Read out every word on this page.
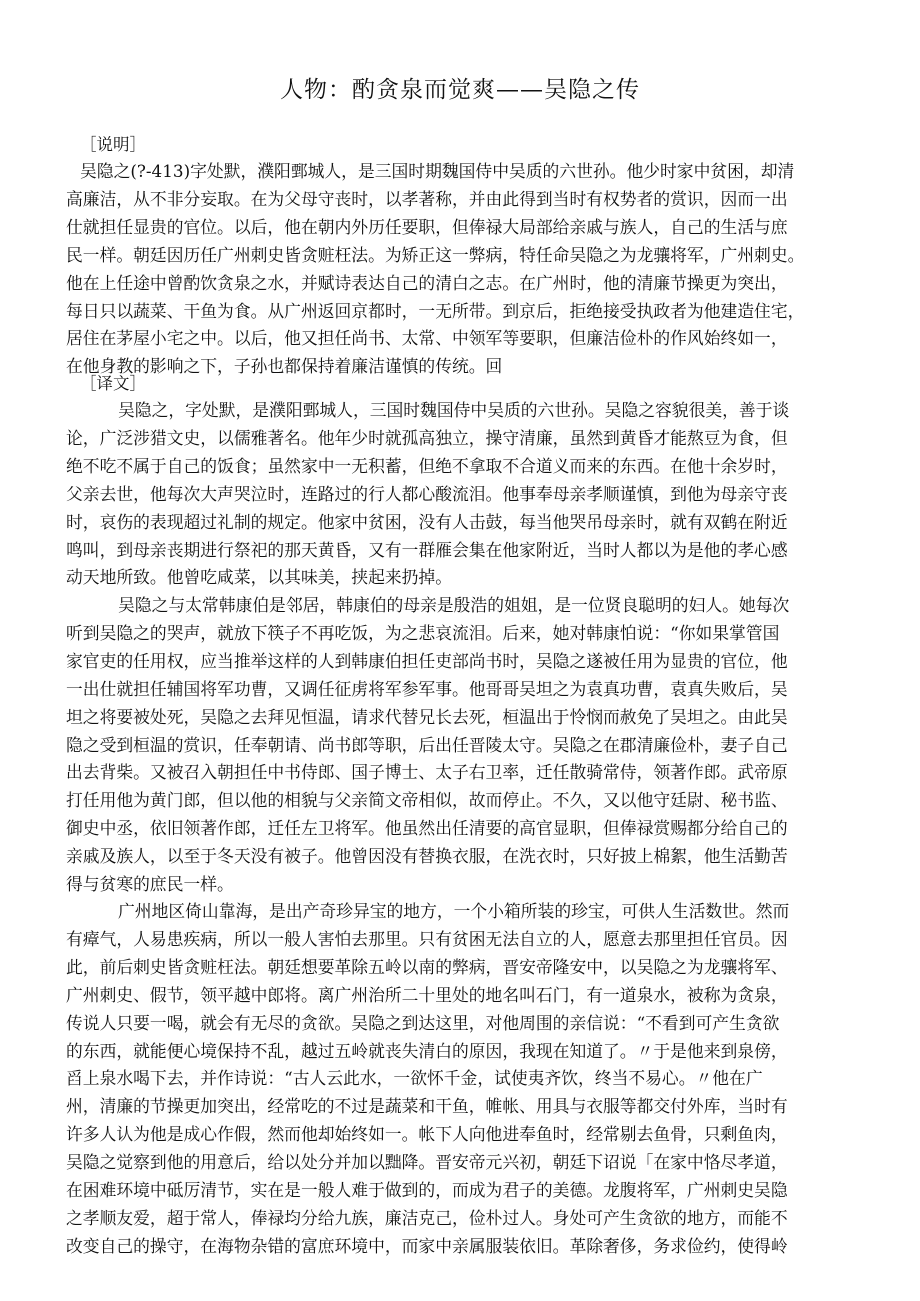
人物：酌贪泉而觉爽——吴隐之传
［说明］
吴隐之(?-413)字处默，濮阳鄄城人，是三国时期魏国侍中吴质的六世孙。他少时家中贫困，却清
高廉洁，从不非分妄取。在为父母守丧时，以孝著称，并由此得到当时有权势者的赏识，因而一出
仕就担任显贵的官位。以后，他在朝内外历任要职，但俸禄大局部给亲戚与族人，自己的生活与庶
民一样。朝廷因历任广州刺史皆贪赃枉法。为矫正这一弊病，特任命吴隐之为龙骧将军，广州刺史。
他在上任途中曾酌饮贪泉之水，并赋诗表达自己的清白之志。在广州时，他的清廉节操更为突出，
每日只以蔬菜、干鱼为食。从广州返回京都时，一无所带。到京后，拒绝接受执政者为他建造住宅，
居住在茅屋小宅之中。以后，他又担任尚书、太常、中领军等要职，但廉洁俭朴的作风始终如一，
在他身教的影响之下，子孙也都保持着廉洁谨慎的传统。回
［译文］
吴隐之，字处默，是濮阳鄄城人，三国时魏国侍中吴质的六世孙。吴隐之容貌很美，善于谈
论，广泛涉猎文史，以儒雅著名。他年少时就孤高独立，操守清廉，虽然到黄昏才能熬豆为食，但
绝不吃不属于自己的饭食；虽然家中一无积蓄，但绝不拿取不合道义而来的东西。在他十余岁时，
父亲去世，他每次大声哭泣时，连路过的行人都心酸流泪。他事奉母亲孝顺谨慎，到他为母亲守丧
时，哀伤的表现超过礼制的规定。他家中贫困，没有人击鼓，每当他哭吊母亲时，就有双鹤在附近
鸣叫，到母亲丧期进行祭祀的那天黄昏，又有一群雁会集在他家附近，当时人都以为是他的孝心感
动天地所致。他曾吃咸菜，以其味美，挟起来扔掉。
吴隐之与太常韩康伯是邻居，韩康伯的母亲是殷浩的姐姐，是一位贤良聪明的妇人。她每次
听到吴隐之的哭声，就放下筷子不再吃饭，为之悲哀流泪。后来，她对韩康怕说：“你如果掌管国
家官吏的任用权，应当推举这样的人到韩康伯担任吏部尚书时，吴隐之遂被任用为显贵的官位，他
一出仕就担任辅国将军功曹，又调任征虏将军参军事。他哥哥吴坦之为袁真功曹，袁真失败后，吴
坦之将要被处死，吴隐之去拜见恒温，请求代替兄长去死，桓温出于怜悯而赦免了吴坦之。由此吴
隐之受到桓温的赏识，任奉朝请、尚书郎等职，后出任晋陵太守。吴隐之在郡清廉俭朴，妻子自己
出去背柴。又被召入朝担任中书侍郎、国子博士、太子右卫率，迁任散骑常侍，领著作郎。武帝原
打任用他为黄门郎，但以他的相貌与父亲简文帝相似，故而停止。不久，又以他守廷尉、秘书监、
御史中丞，依旧领著作郎，迁任左卫将军。他虽然出任清要的高官显职，但俸禄赏赐都分给自己的
亲戚及族人，以至于冬天没有被子。他曾因没有替换衣服，在洗衣时，只好披上棉絮，他生活勤苦
得与贫寒的庶民一样。
广州地区倚山靠海，是出产奇珍异宝的地方，一个小箱所装的珍宝，可供人生活数世。然而
有瘴气，人易患疾病，所以一般人害怕去那里。只有贫困无法自立的人，愿意去那里担任官员。因
此，前后刺史皆贪赃枉法。朝廷想要革除五岭以南的弊病，晋安帝隆安中，以吴隐之为龙骧将军、
广州刺史、假节，领平越中郎将。离广州治所二十里处的地名叫石门，有一道泉水，被称为贪泉，
传说人只要一喝，就会有无尽的贪欲。吴隐之到达这里，对他周围的亲信说：“不看到可产生贪欲
的东西，就能便心境保持不乱，越过五岭就丧失清白的原因，我现在知道了。〃于是他来到泉傍，
舀上泉水喝下去，并作诗说：“古人云此水，一欲怀千金，试使夷齐饮，终当不易心。〃他在广
州，清廉的节操更加突出，经常吃的不过是蔬菜和干鱼，帷帐、用具与衣服等都交付外库，当时有
许多人认为他是成心作假，然而他却始终如一。帐下人向他进奉鱼时，经常剔去鱼骨，只剩鱼肉，
吴隐之觉察到他的用意后，给以处分并加以黜降。晋安帝元兴初，朝廷下诏说「在家中恪尽孝道，
在困难环境中砥厉清节，实在是一般人难于做到的，而成为君子的美德。龙腹将军，广州刺史吴隐
之孝顺友爱，超于常人，俸禄均分给九族，廉洁克己，俭朴过人。身处可产生贪欲的地方，而能不
改变自己的操守，在海物杂错的富庶环境中，而家中亲属服装依旧。革除奢侈，务求俭约，使得岭
